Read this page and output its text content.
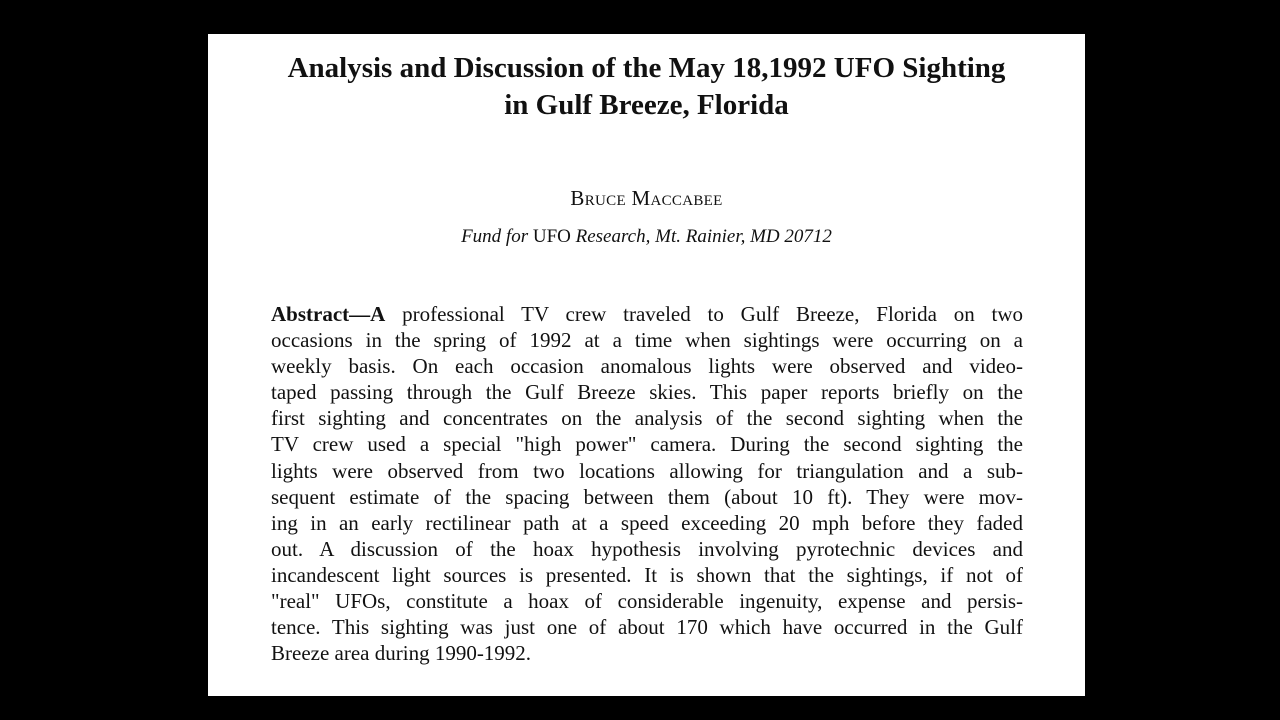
Analysis and Discussion of the May 18,1992 UFO Sighting
in Gulf Breeze, Florida
Bruce Maccabee
Fund for UFO Research, Mt. Rainier, MD 20712
Abstract—A professional TV crew traveled to Gulf Breeze, Florida on two
occasions in the spring of 1992 at a time when sightings were occurring on a
weekly basis. On each occasion anomalous lights were observed and video-
taped passing through the Gulf Breeze skies. This paper reports briefly on the
first sighting and concentrates on the analysis of the second sighting when the
TV crew used a special "high power" camera. During the second sighting the
lights were observed from two locations allowing for triangulation and a sub-
sequent estimate of the spacing between them (about 10 ft). They were mov-
ing in an early rectilinear path at a speed exceeding 20 mph before they faded
out. A discussion of the hoax hypothesis involving pyrotechnic devices and
incandescent light sources is presented. It is shown that the sightings, if not of
"real" UFOs, constitute a hoax of considerable ingenuity, expense and persis-
tence. This sighting was just one of about 170 which have occurred in the Gulf
Breeze area during 1990-1992.
